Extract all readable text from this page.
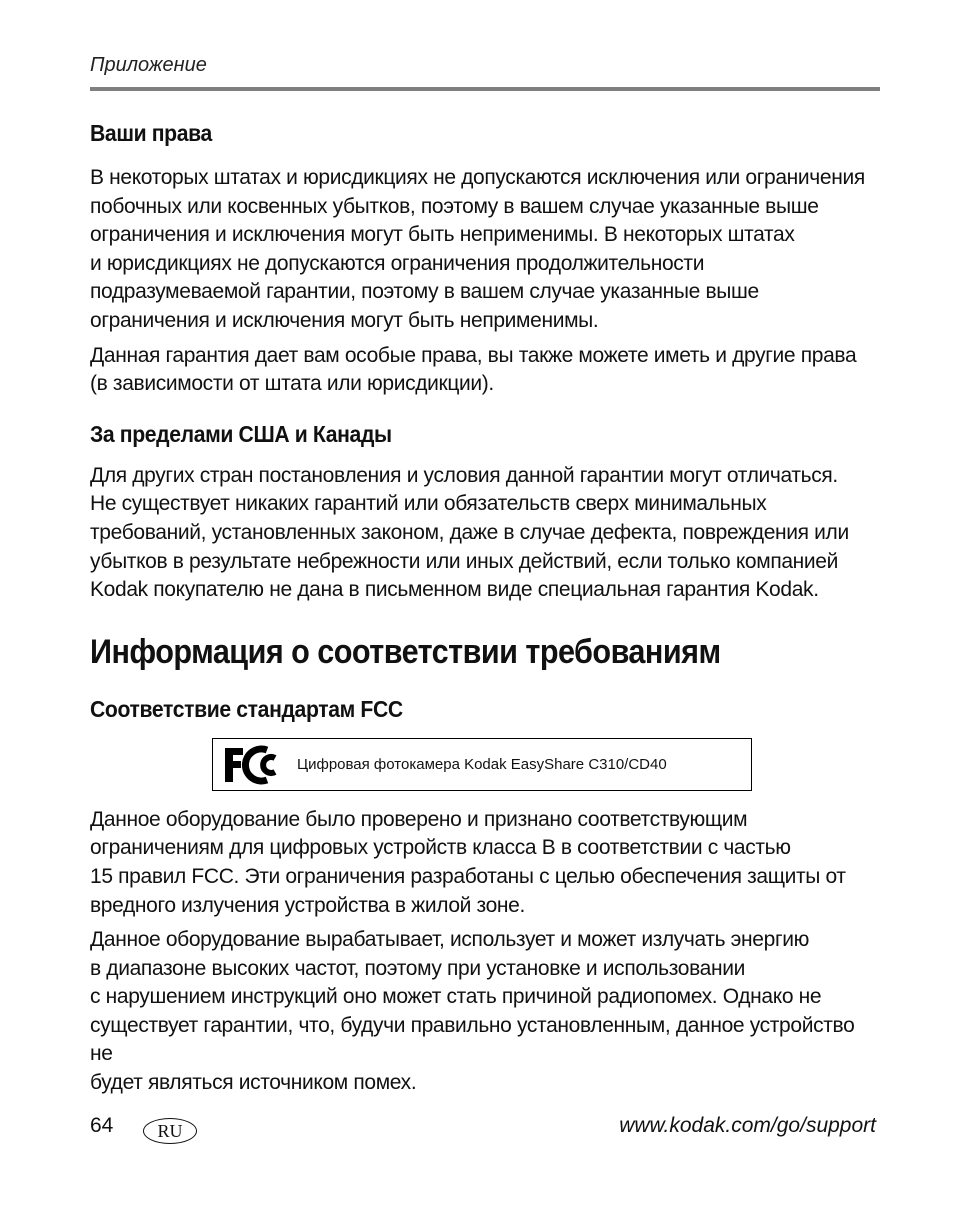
Приложение
Ваши права

В некоторых штатах и юрисдикциях не допускаются исключения или ограничения
побочных или косвенных убытков, поэтому в вашем случае указанные выше
ограничения и исключения могут быть неприменимы. В некоторых штатах
и юрисдикциях не допускаются ограничения продолжительности
подразумеваемой гарантии, поэтому в вашем случае указанные выше
ограничения и исключения могут быть неприменимы.

Данная гарантия дает вам особые права, вы также можете иметь и другие права
(в зависимости от штата или юрисдикции).

За пределами США и Канады

Для других стран постановления и условия данной гарантии могут отличаться.
Не существует никаких гарантий или обязательств сверх минимальных
требований, установленных законом, даже в случае дефекта, повреждения или
убытков в результате небрежности или иных действий, если только компанией
Kodak покупателю не дана в письменном виде специальная гарантия Kodak.

Информация о соответствии требованиям
Соответствие стандартам FCC

Данное оборудование было проверено и признано соответствующим
ограничениям для цифровых устройств класса B в соответствии с частью
15 правил FCC. Эти ограничения разработаны с целью обеспечения защиты от
вредного излучения устройства в жилой зоне.

Данное оборудование вырабатывает, использует и может излучать энергию
в диапазоне высоких частот, поэтому при установке и использовании
с нарушением инструкций оно может стать причиной радиопомех. Однако не
существует гарантии, что, будучи правильно установленным, данное устройство не
будет являться источником помех.

Цифровая фотокамера Kodak EasyShare C310/CD40
64 RU	www.kodak.com/go/support
